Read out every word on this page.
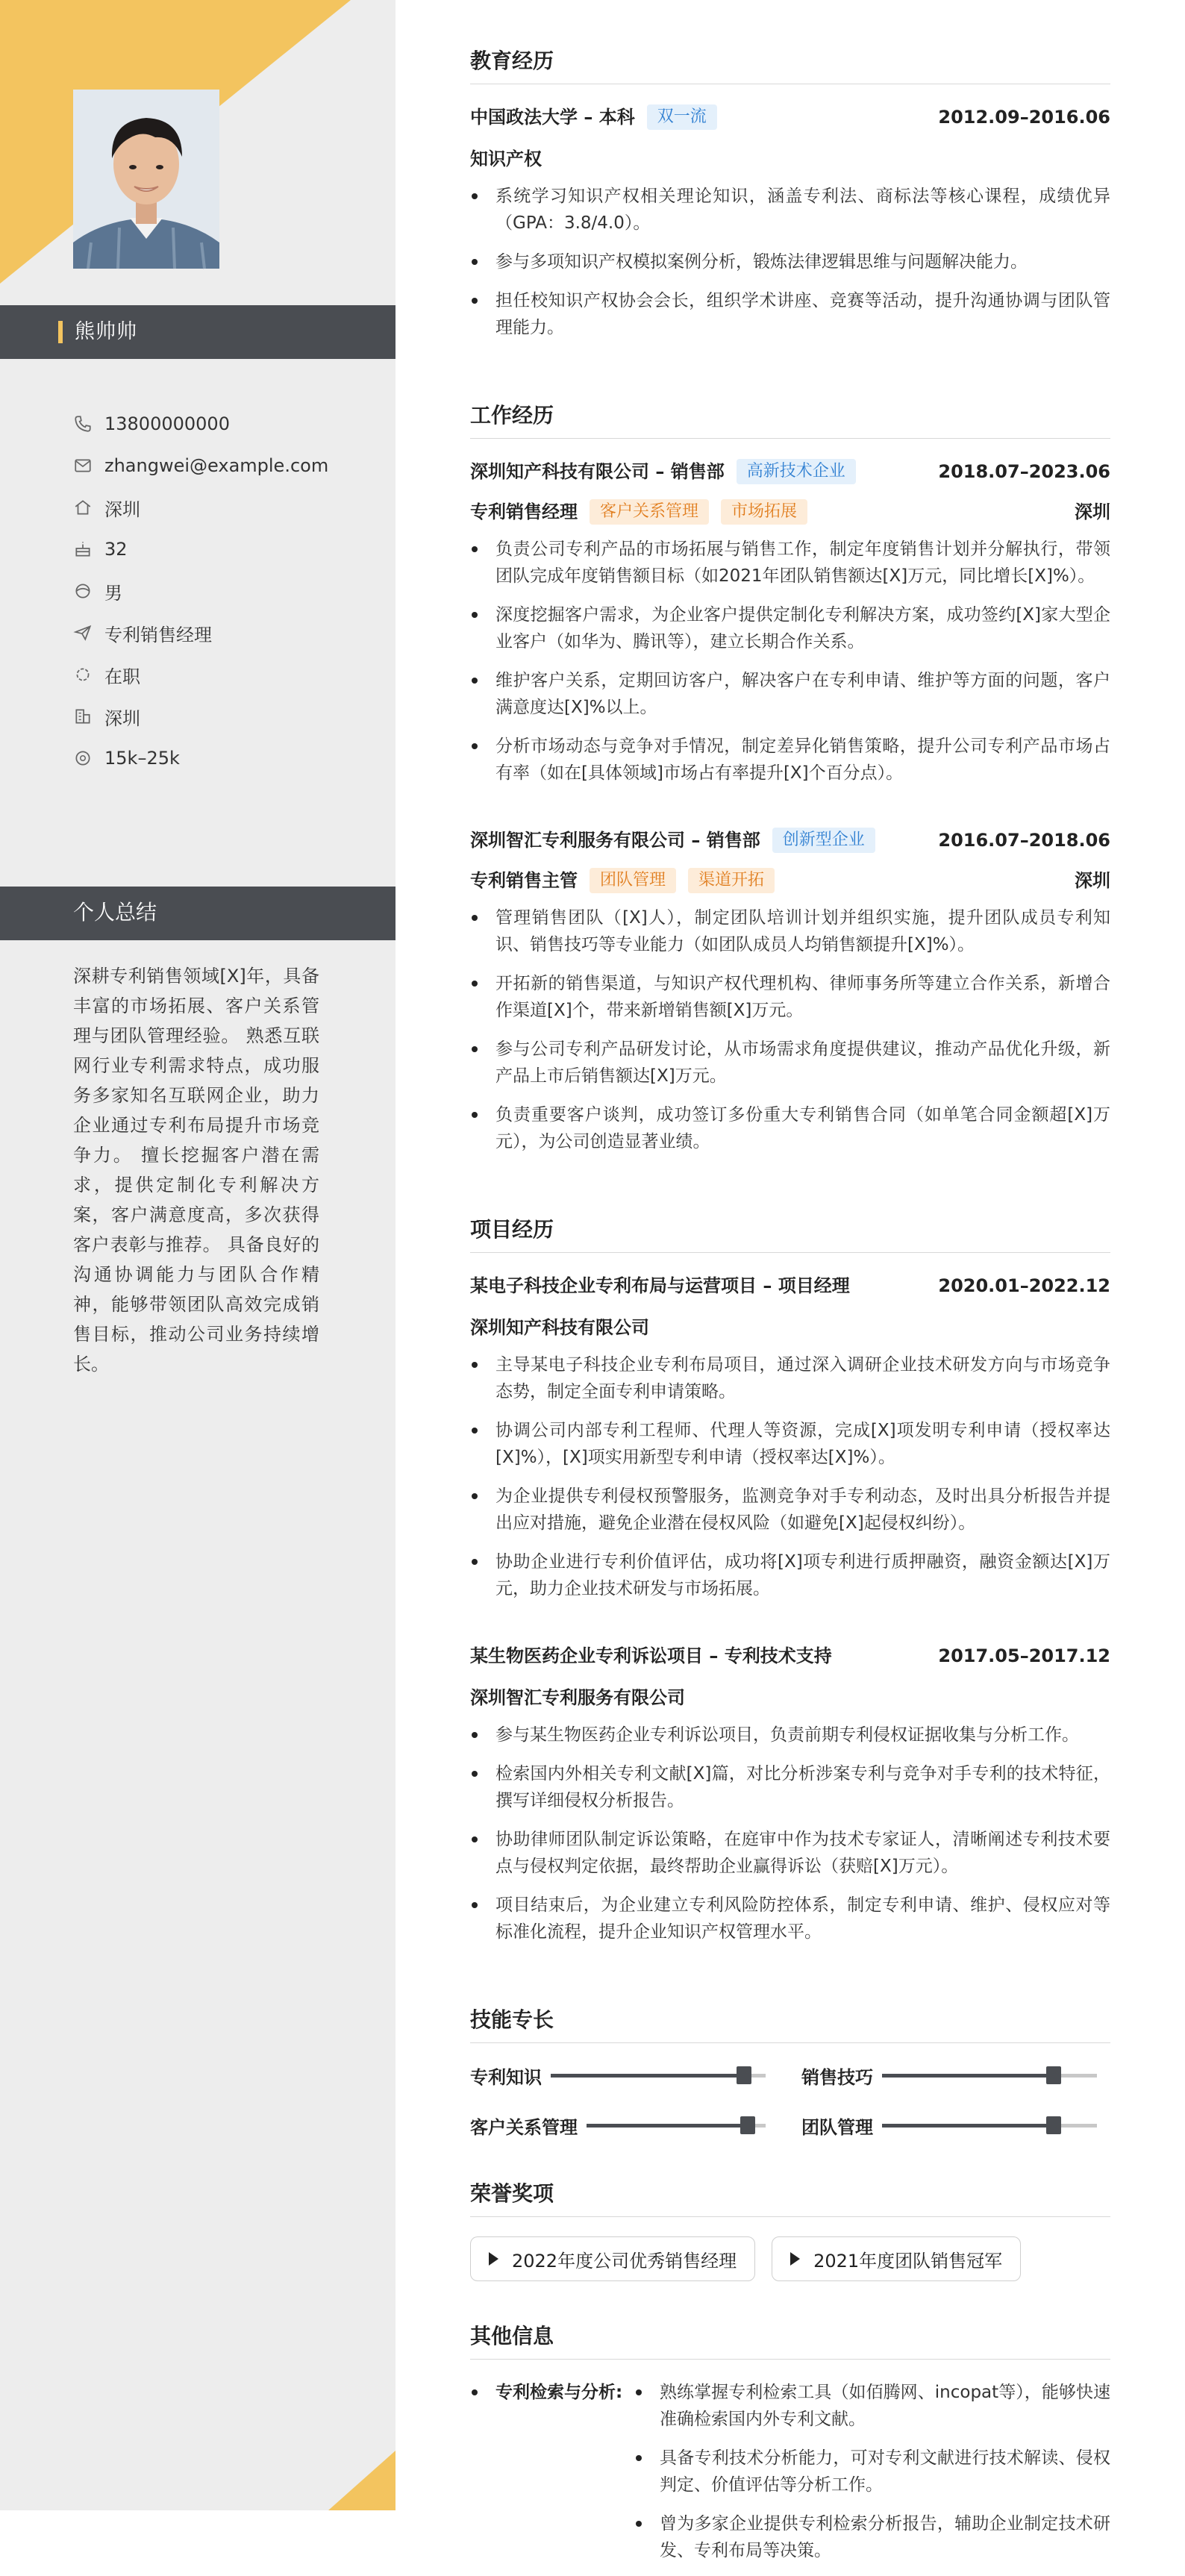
熊帅帅
13800000000
zhangwei@example.com
深圳
32
男
专利销售经理
在职
深圳
15k–25k
个人总结
深耕专利销售领域[X]年，具备丰富的市场拓展、客户关系管理与团队管理经验。 熟悉互联网行业专利需求特点，成功服务多家知名互联网企业，助力企业通过专利布局提升市场竞争力。 擅长挖掘客户潜在需求，提供定制化专利解决方案，客户满意度高，多次获得客户表彰与推荐。 具备良好的沟通协调能力与团队合作精神，能够带领团队高效完成销售目标，推动公司业务持续增长。
教育经历
中国政法大学 – 本科	双一流	2012.09–2016.06
知识产权
系统学习知识产权相关理论知识，涵盖专利法、商标法等核心课程，成绩优异（GPA：3.8/4.0）。
参与多项知识产权模拟案例分析，锻炼法律逻辑思维与问题解决能力。
担任校知识产权协会会长，组织学术讲座、竞赛等活动，提升沟通协调与团队管理能力。
工作经历
深圳知产科技有限公司 – 销售部	高新技术企业	2018.07–2023.06
专利销售经理	客户关系管理	市场拓展	深圳
负责公司专利产品的市场拓展与销售工作，制定年度销售计划并分解执行，带领团队完成年度销售额目标（如2021年团队销售额达[X]万元，同比增长[X]%）。
深度挖掘客户需求，为企业客户提供定制化专利解决方案，成功签约[X]家大型企业客户（如华为、腾讯等），建立长期合作关系。
维护客户关系，定期回访客户，解决客户在专利申请、维护等方面的问题，客户满意度达[X]%以上。
分析市场动态与竞争对手情况，制定差异化销售策略，提升公司专利产品市场占有率（如在[具体领域]市场占有率提升[X]个百分点）。
深圳智汇专利服务有限公司 – 销售部	创新型企业	2016.07–2018.06
专利销售主管	团队管理	渠道开拓	深圳
管理销售团队（[X]人），制定团队培训计划并组织实施，提升团队成员专利知识、销售技巧等专业能力（如团队成员人均销售额提升[X]%）。
开拓新的销售渠道，与知识产权代理机构、律师事务所等建立合作关系，新增合作渠道[X]个，带来新增销售额[X]万元。
参与公司专利产品研发讨论，从市场需求角度提供建议，推动产品优化升级，新产品上市后销售额达[X]万元。
负责重要客户谈判，成功签订多份重大专利销售合同（如单笔合同金额超[X]万元），为公司创造显著业绩。
项目经历
某电子科技企业专利布局与运营项目 – 项目经理	2020.01–2022.12
深圳知产科技有限公司
主导某电子科技企业专利布局项目，通过深入调研企业技术研发方向与市场竞争态势，制定全面专利申请策略。
协调公司内部专利工程师、代理人等资源，完成[X]项发明专利申请（授权率达[X]%），[X]项实用新型专利申请（授权率达[X]%）。
为企业提供专利侵权预警服务，监测竞争对手专利动态，及时出具分析报告并提出应对措施，避免企业潜在侵权风险（如避免[X]起侵权纠纷）。
协助企业进行专利价值评估，成功将[X]项专利进行质押融资，融资金额达[X]万元，助力企业技术研发与市场拓展。
某生物医药企业专利诉讼项目 – 专利技术支持	2017.05–2017.12
深圳智汇专利服务有限公司
参与某生物医药企业专利诉讼项目，负责前期专利侵权证据收集与分析工作。
检索国内外相关专利文献[X]篇，对比分析涉案专利与竞争对手专利的技术特征，撰写详细侵权分析报告。
协助律师团队制定诉讼策略，在庭审中作为技术专家证人，清晰阐述专利技术要点与侵权判定依据，最终帮助企业赢得诉讼（获赔[X]万元）。
项目结束后，为企业建立专利风险防控体系，制定专利申请、维护、侵权应对等标准化流程，提升企业知识产权管理水平。
技能专长
专利知识	销售技巧
客户关系管理	团队管理
荣誉奖项
2022年度公司优秀销售经理	2021年度团队销售冠军
其他信息
专利检索与分析:	熟练掌握专利检索工具（如佰腾网、incopat等），能够快速准确检索国内外专利文献。
具备专利技术分析能力，可对专利文献进行技术解读、侵权判定、价值评估等分析工作。
曾为多家企业提供专利检索分析报告，辅助企业制定技术研发、专利布局等决策。
